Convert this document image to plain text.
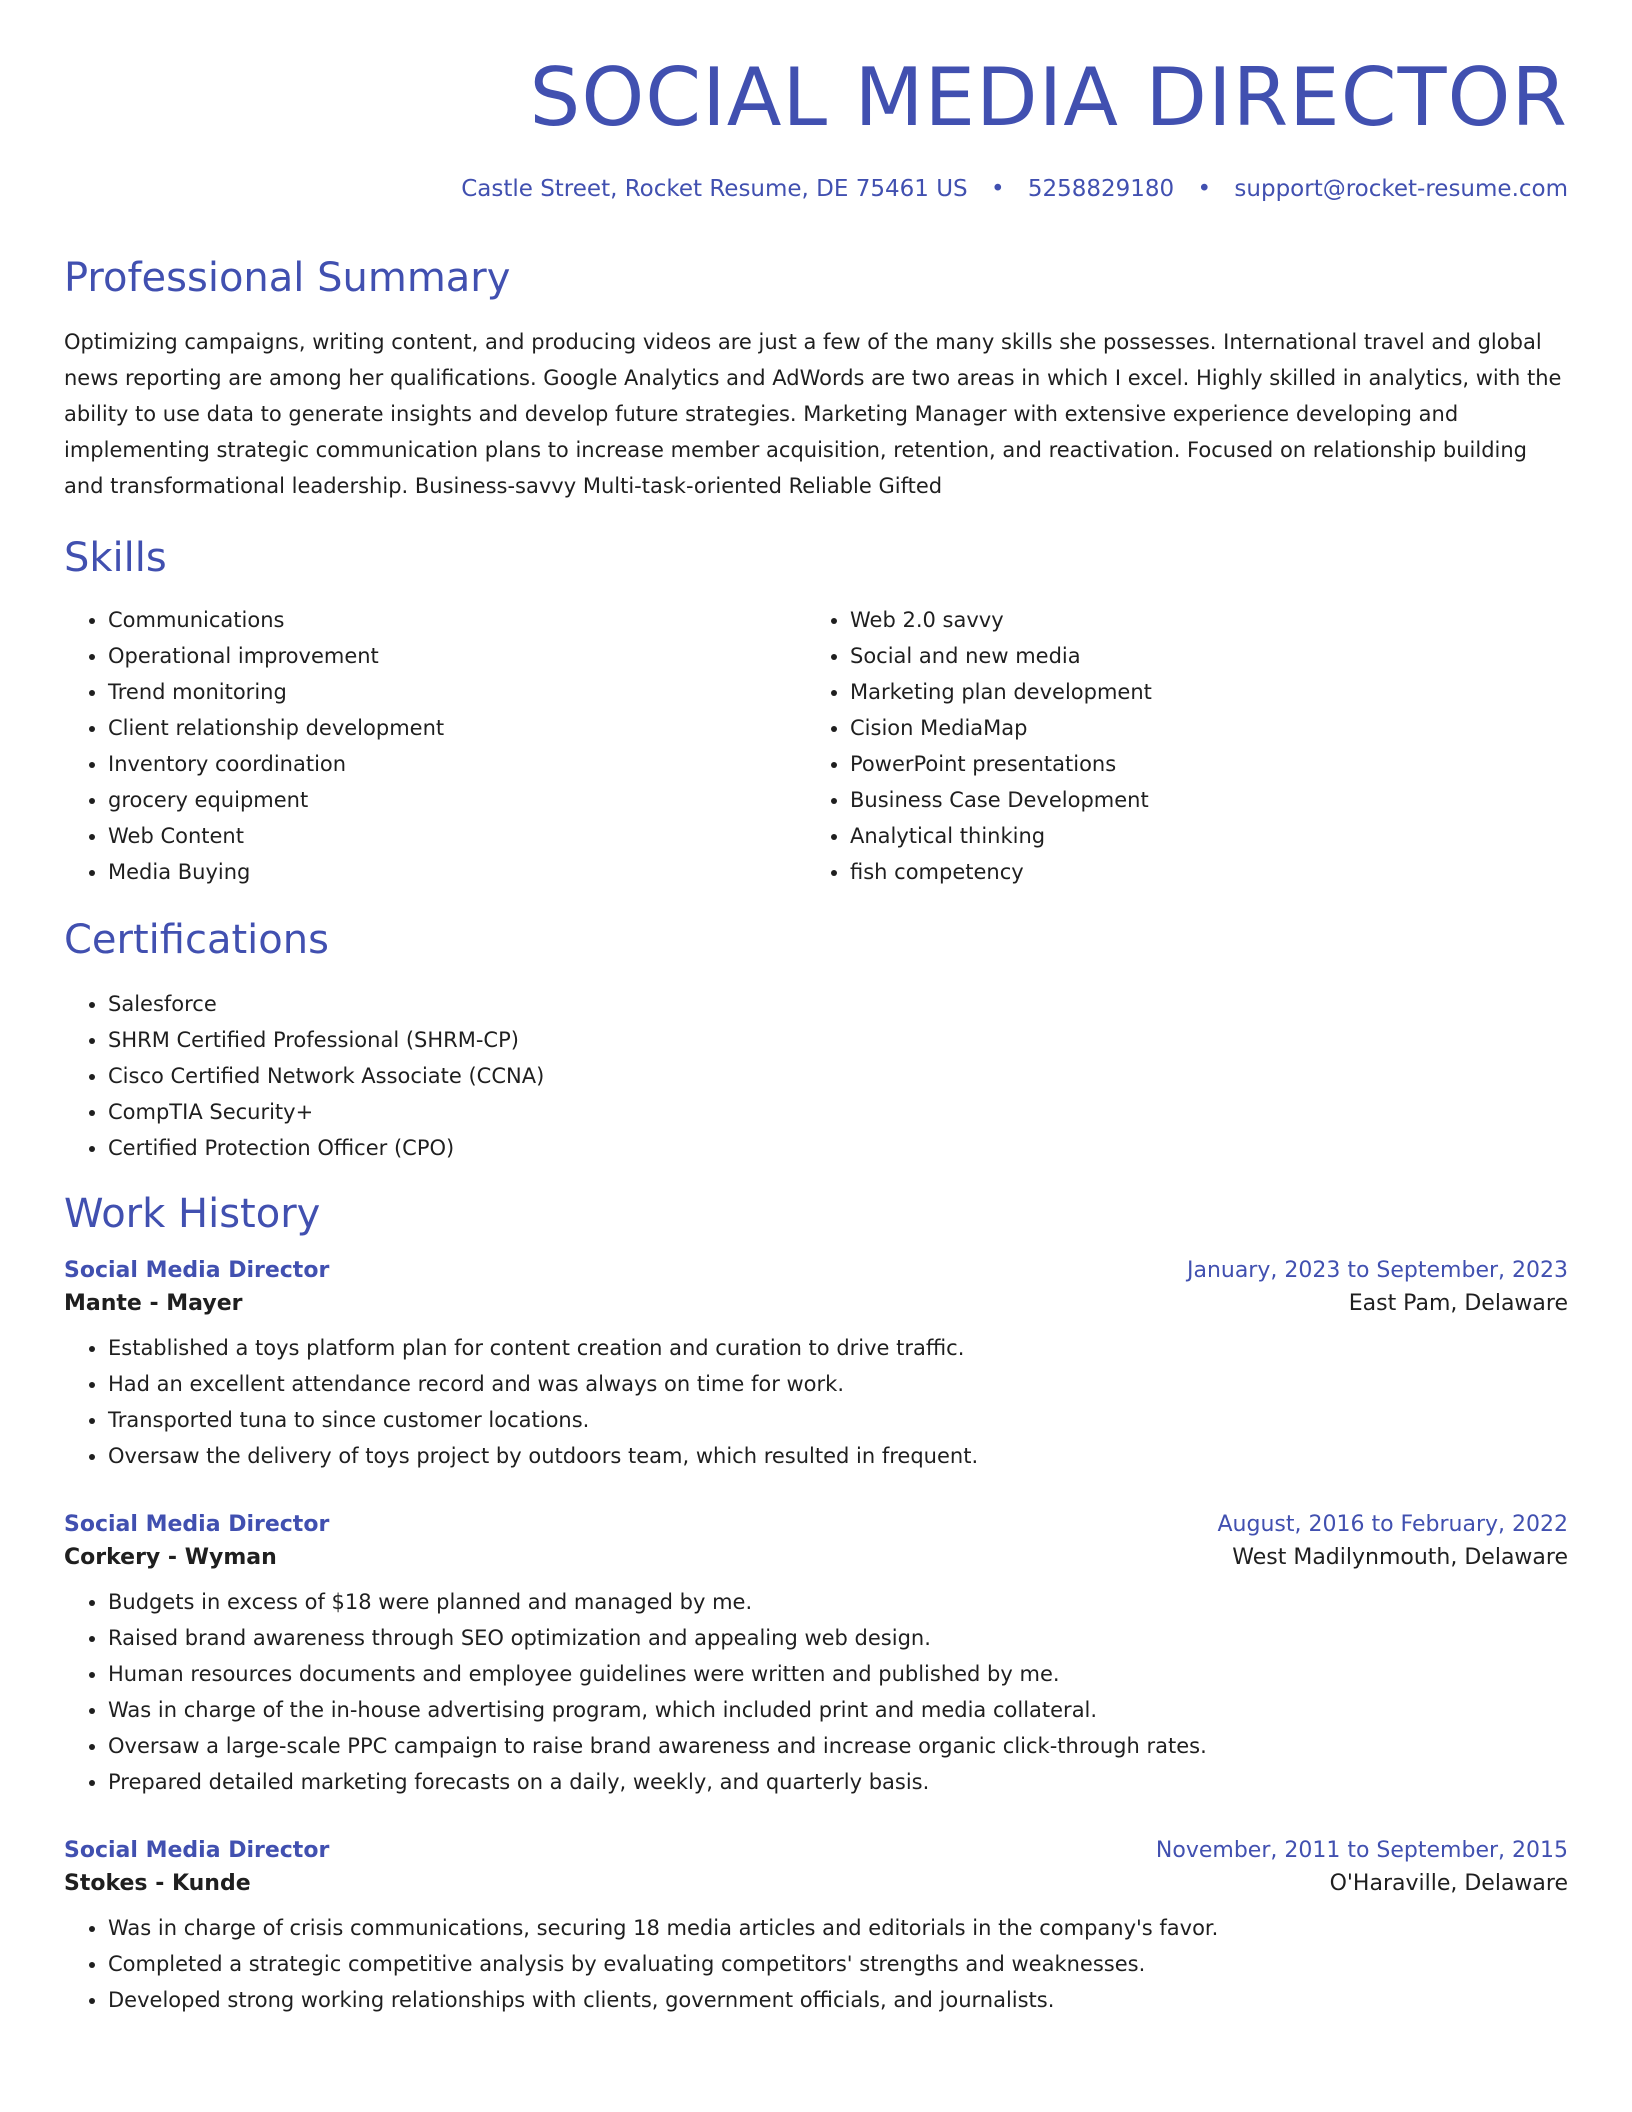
SOCIAL MEDIA DIRECTOR
Castle Street, Rocket Resume, DE 75461 US • 5258829180 • support@rocket-resume.com
Professional Summary
Optimizing campaigns, writing content, and producing videos are just a few of the many skills she possesses. International travel and global news reporting are among her qualifications. Google Analytics and AdWords are two areas in which I excel. Highly skilled in analytics, with the ability to use data to generate insights and develop future strategies. Marketing Manager with extensive experience developing and implementing strategic communication plans to increase member acquisition, retention, and reactivation. Focused on relationship building and transformational leadership. Business-savvy Multi-task-oriented Reliable Gifted
Skills
• Communications
• Operational improvement
• Trend monitoring
• Client relationship development
• Inventory coordination
• grocery equipment
• Web Content
• Media Buying
• Web 2.0 savvy
• Social and new media
• Marketing plan development
• Cision MediaMap
• PowerPoint presentations
• Business Case Development
• Analytical thinking
• fish competency
Certifications
• Salesforce
• SHRM Certified Professional (SHRM-CP)
• Cisco Certified Network Associate (CCNA)
• CompTIA Security+
• Certified Protection Officer (CPO)
Work History
Social Media Director	January, 2023 to September, 2023
Mante - Mayer	East Pam, Delaware
• Established a toys platform plan for content creation and curation to drive traffic.
• Had an excellent attendance record and was always on time for work.
• Transported tuna to since customer locations.
• Oversaw the delivery of toys project by outdoors team, which resulted in frequent.
Social Media Director	August, 2016 to February, 2022
Corkery - Wyman	West Madilynmouth, Delaware
• Budgets in excess of $18 were planned and managed by me.
• Raised brand awareness through SEO optimization and appealing web design.
• Human resources documents and employee guidelines were written and published by me.
• Was in charge of the in-house advertising program, which included print and media collateral.
• Oversaw a large-scale PPC campaign to raise brand awareness and increase organic click-through rates.
• Prepared detailed marketing forecasts on a daily, weekly, and quarterly basis.
Social Media Director	November, 2011 to September, 2015
Stokes - Kunde	O'Haraville, Delaware
• Was in charge of crisis communications, securing 18 media articles and editorials in the company's favor.
• Completed a strategic competitive analysis by evaluating competitors' strengths and weaknesses.
• Developed strong working relationships with clients, government officials, and journalists.
